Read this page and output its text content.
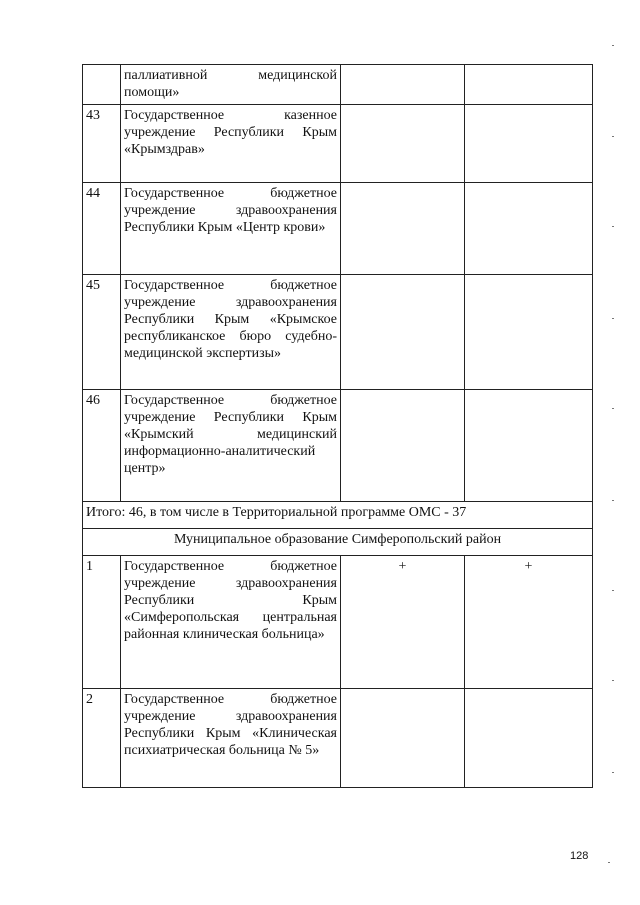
	паллиативной медицинской помощи»		
43	Государственное казенное учреждение Республики Крым «Крымздрав»		
44	Государственное бюджетное учреждение здравоохранения Республики Крым «Центр крови»		
45	Государственное бюджетное учреждение здравоохранения Республики Крым «Крымское республиканское бюро судебно-медицинской экспертизы»		
46	Государственное бюджетное учреждение Республики Крым «Крымский медицинский информационно-аналитический центр»		
Итого: 46, в том числе в Территориальной программе ОМС - 37			
Муниципальное образование Симферопольский район			
1	Государственное бюджетное учреждение здравоохранения Республики Крым «Симферопольская центральная районная клиническая больница»	+	+
2	Государственное бюджетное учреждение здравоохранения Республики Крым «Клиническая психиатрическая больница № 5»		
128
